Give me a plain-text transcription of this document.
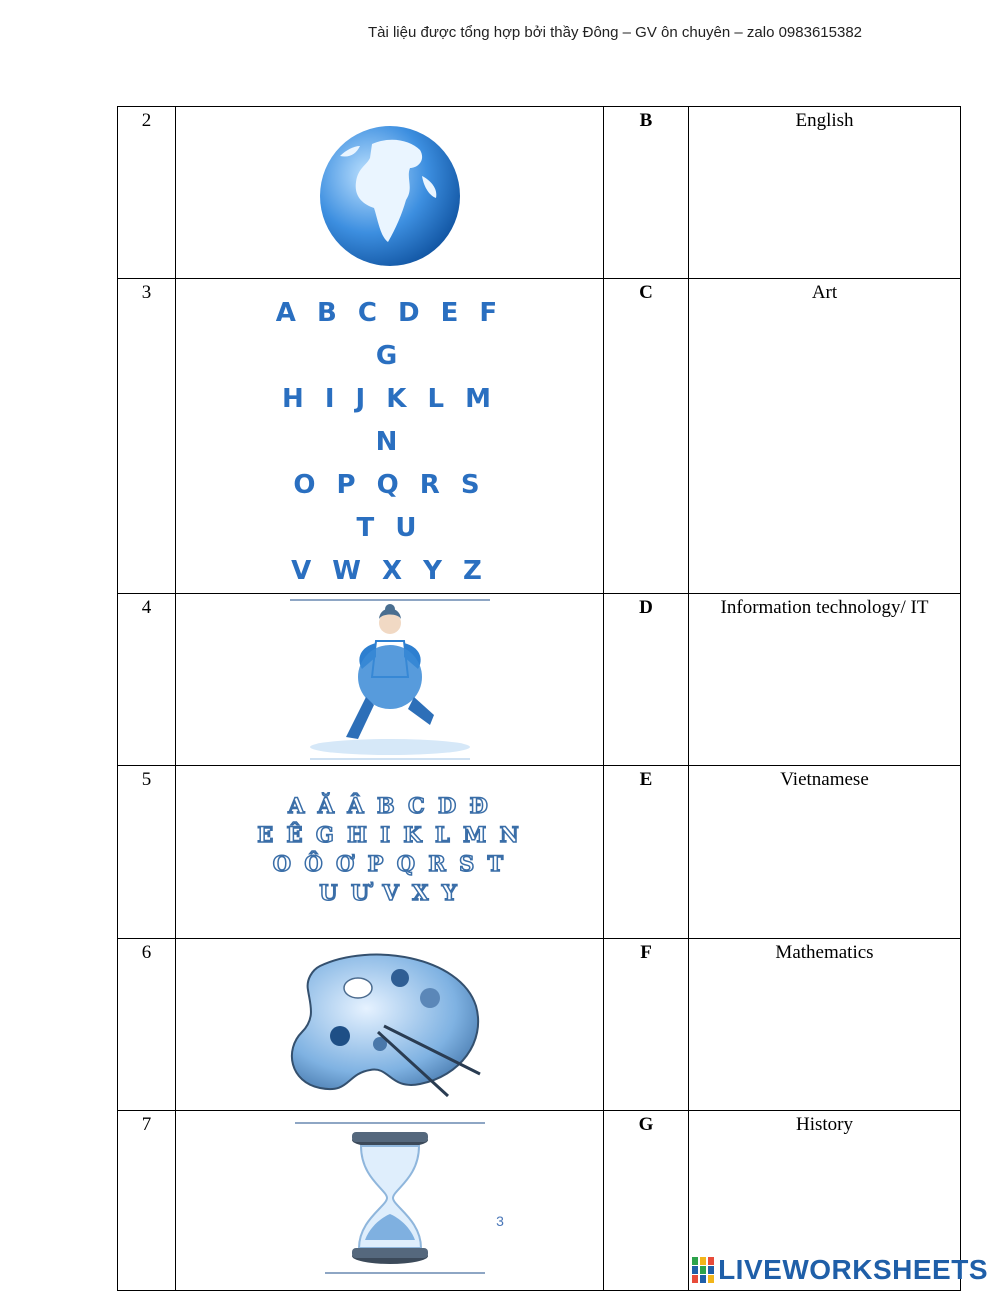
Tài liệu được tổng hợp bởi thầy Đông – GV ôn chuyên – zalo 0983615382
2		B	English
3	A B C D E F G
H I J K L M N
O P Q R S T U
V W X Y Z	C	Art
4		D	Information technology/ IT
5	A Ă Â B C D Đ
E Ê G H I K L M N
O Ô Ơ P Q R S T
U Ư V X Y	E	Vietnamese
6		F	Mathematics
7		G	History
3
LIVEWORKSHEETS
